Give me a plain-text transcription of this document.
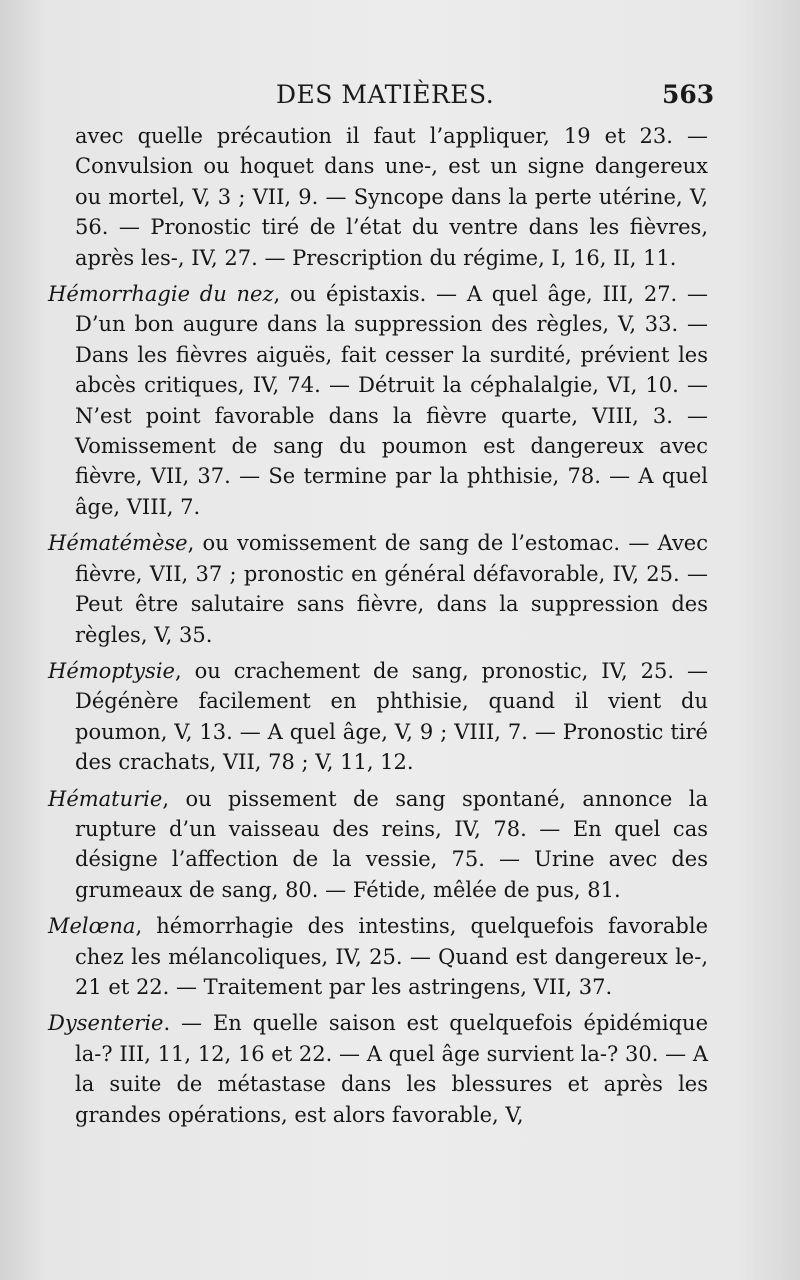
DES MATIÈRES.	563

avec quelle précaution il faut l’appliquer, 19 et 23. — Convulsion ou hoquet dans une-, est un signe dangereux ou mortel, V, 3 ; VII, 9. — Syncope dans la perte utérine, V, 56. — Pronostic tiré de l’état du ventre dans les fièvres, après les-, IV, 27. — Prescription du régime, I, 16, II, 11.

Hémorrhagie du nez, ou épistaxis. — A quel âge, III, 27. — D’un bon augure dans la suppression des règles, V, 33. — Dans les fièvres aiguës, fait cesser la surdité, prévient les abcès critiques, IV, 74. — Détruit la céphalalgie, VI, 10. — N’est point favorable dans la fièvre quarte, VIII, 3. — Vomissement de sang du poumon est dangereux avec fièvre, VII, 37. — Se termine par la phthisie, 78. — A quel âge, VIII, 7.

Hématémèse, ou vomissement de sang de l’estomac. — Avec fièvre, VII, 37 ; pronostic en général défavorable, IV, 25. — Peut être salutaire sans fièvre, dans la suppression des règles, V, 35.

Hémoptysie, ou crachement de sang, pronostic, IV, 25. — Dégénère facilement en phthisie, quand il vient du poumon, V, 13. — A quel âge, V, 9 ; VIII, 7. — Pronostic tiré des crachats, VII, 78 ; V, 11, 12.

Hématurie, ou pissement de sang spontané, annonce la rupture d’un vaisseau des reins, IV, 78. — En quel cas désigne l’affection de la vessie, 75. — Urine avec des grumeaux de sang, 80. — Fétide, mêlée de pus, 81.

Melœna, hémorrhagie des intestins, quelquefois favorable chez les mélancoliques, IV, 25. — Quand est dangereux le-, 21 et 22. — Traitement par les astringens, VII, 37.

Dysenterie. — En quelle saison est quelquefois épidémique la-? III, 11, 12, 16 et 22. — A quel âge survient la-? 30. — A la suite de métastase dans les blessures et après les grandes opérations, est alors favorable, V,
